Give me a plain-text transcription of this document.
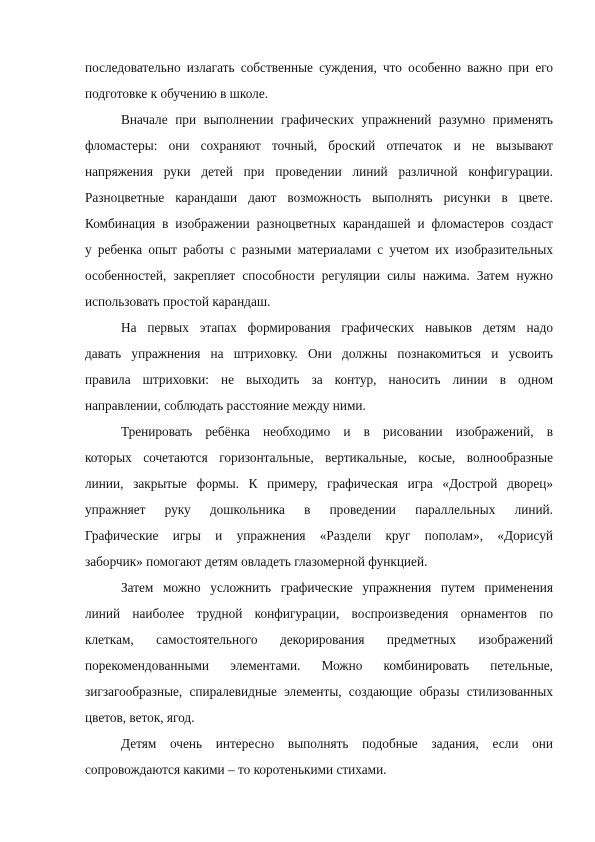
последовательно излагать собственные суждения, что особенно важно при его
подготовке к обучению в школе.
Вначале при выполнении графических упражнений разумно применять
фломастеры: они сохраняют точный, броский отпечаток и не вызывают
напряжения руки детей при проведении линий различной конфигурации.
Разноцветные карандаши дают возможность выполнять рисунки в цвете.
Комбинация в изображении разноцветных карандашей и фломастеров создаст
у ребенка опыт работы с разными материалами с учетом их изобразительных
особенностей, закрепляет способности регуляции силы нажима. Затем нужно
использовать простой карандаш.
На первых этапах формирования графических навыков детям надо
давать упражнения на штриховку. Они должны познакомиться и усвоить
правила штриховки: не выходить за контур, наносить линии в одном
направлении, соблюдать расстояние между ними.
Тренировать ребёнка необходимо и в рисовании изображений, в
которых сочетаются горизонтальные, вертикальные, косые, волнообразные
линии, закрытые формы. К примеру, графическая игра «Дострой дворец»
упражняет руку дошкольника в проведении параллельных линий.
Графические игры и упражнения «Раздели круг пополам», «Дорисуй
заборчик» помогают детям овладеть глазомерной функцией.
Затем можно усложнить графические упражнения путем применения
линий наиболее трудной конфигурации, воспроизведения орнаментов по
клеткам, самостоятельного декорирования предметных изображений
порекомендованными элементами. Можно комбинировать петельные,
зигзагообразные, спиралевидные элементы, создающие образы стилизованных
цветов, веток, ягод.
Детям очень интересно выполнять подобные задания, если они
сопровождаются какими – то коротенькими стихами.
